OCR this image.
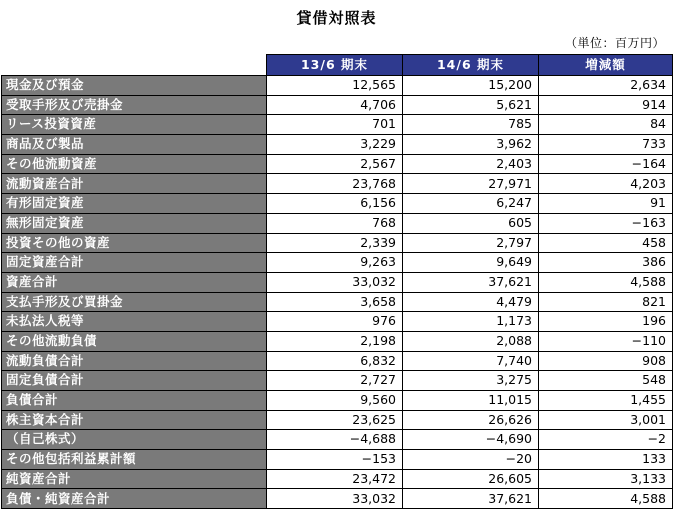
貸借対照表
（単位：百万円）
	13/6 期末	14/6 期末	増減額
現金及び預金	12,565	15,200	2,634
受取手形及び売掛金	4,706	5,621	914
リース投資資産	701	785	84
商品及び製品	3,229	3,962	733
その他流動資産	2,567	2,403	−164
流動資産合計	23,768	27,971	4,203
有形固定資産	6,156	6,247	91
無形固定資産	768	605	−163
投資その他の資産	2,339	2,797	458
固定資産合計	9,263	9,649	386
資産合計	33,032	37,621	4,588
支払手形及び買掛金	3,658	4,479	821
未払法人税等	976	1,173	196
その他流動負債	2,198	2,088	−110
流動負債合計	6,832	7,740	908
固定負債合計	2,727	3,275	548
負債合計	9,560	11,015	1,455
株主資本合計	23,625	26,626	3,001
（自己株式）	−4,688	−4,690	−2
その他包括利益累計額	−153	−20	133
純資産合計	23,472	26,605	3,133
負債・純資産合計	33,032	37,621	4,588
